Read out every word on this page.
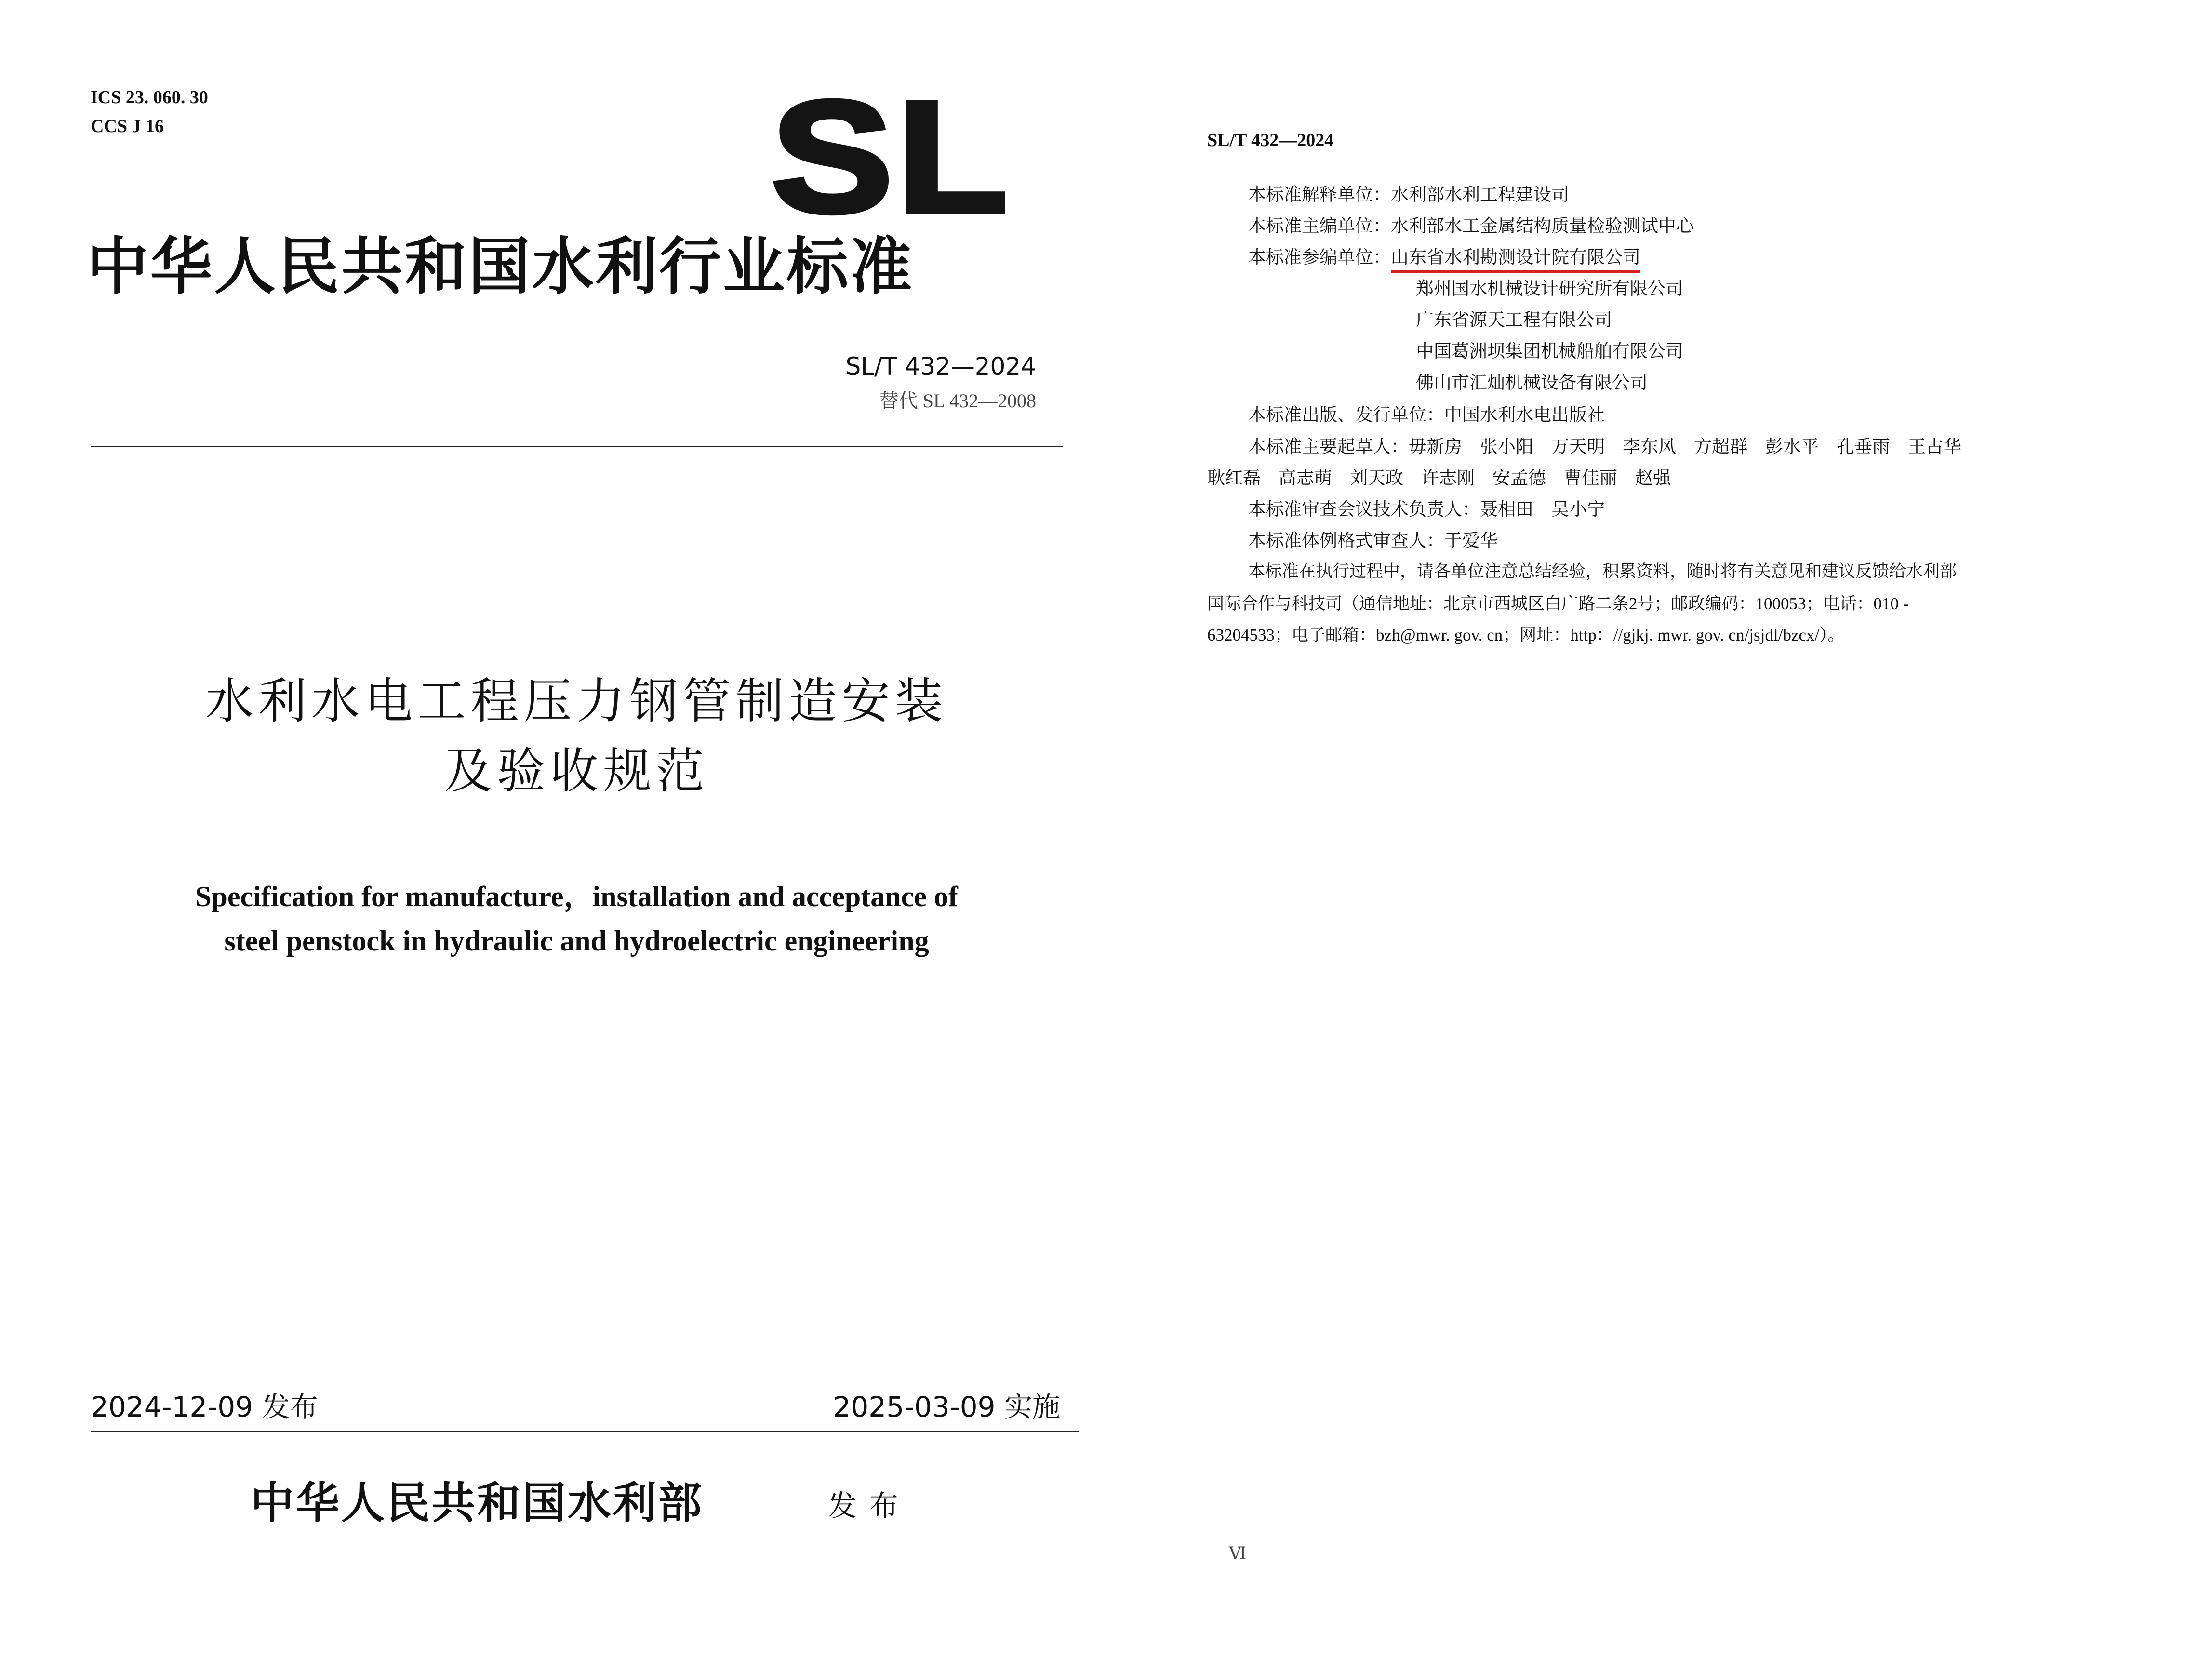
ICS 23. 060. 30
CCS J 16	SL
中华人民共和国水利行业标准
SL/T 432—2024
替代 SL 432—2008
水利水电工程压力钢管制造安装
及验收规范
Specification for manufacture，installation and acceptance of
steel penstock in hydraulic and hydroelectric engineering
2024-12-09 发布	2025-03-09 实施
中华人民共和国水利部	发布
SL/T 432—2024
本标准解释单位：水利部水利工程建设司
本标准主编单位：水利部水工金属结构质量检验测试中心
本标准参编单位：山东省水利勘测设计院有限公司
郑州国水机械设计研究所有限公司
广东省源天工程有限公司
中国葛洲坝集团机械船舶有限公司
佛山市汇灿机械设备有限公司
本标准出版、发行单位：中国水利水电出版社
本标准主要起草人：毋新房　张小阳　万天明　李东风　方超群　彭水平　孔垂雨　王占华
耿红磊　高志萌　刘天政　许志刚　安孟德　曹佳丽　赵强
本标准审查会议技术负责人：聂相田　吴小宁
本标准体例格式审查人：于爱华
本标准在执行过程中，请各单位注意总结经验，积累资料，随时将有关意见和建议反馈给水利部
国际合作与科技司（通信地址：北京市西城区白广路二条2号；邮政编码：100053；电话：010 -
63204533；电子邮箱：bzh@mwr. gov. cn；网址：http：//gjkj. mwr. gov. cn/jsjdl/bzcx/）。
Ⅵ
